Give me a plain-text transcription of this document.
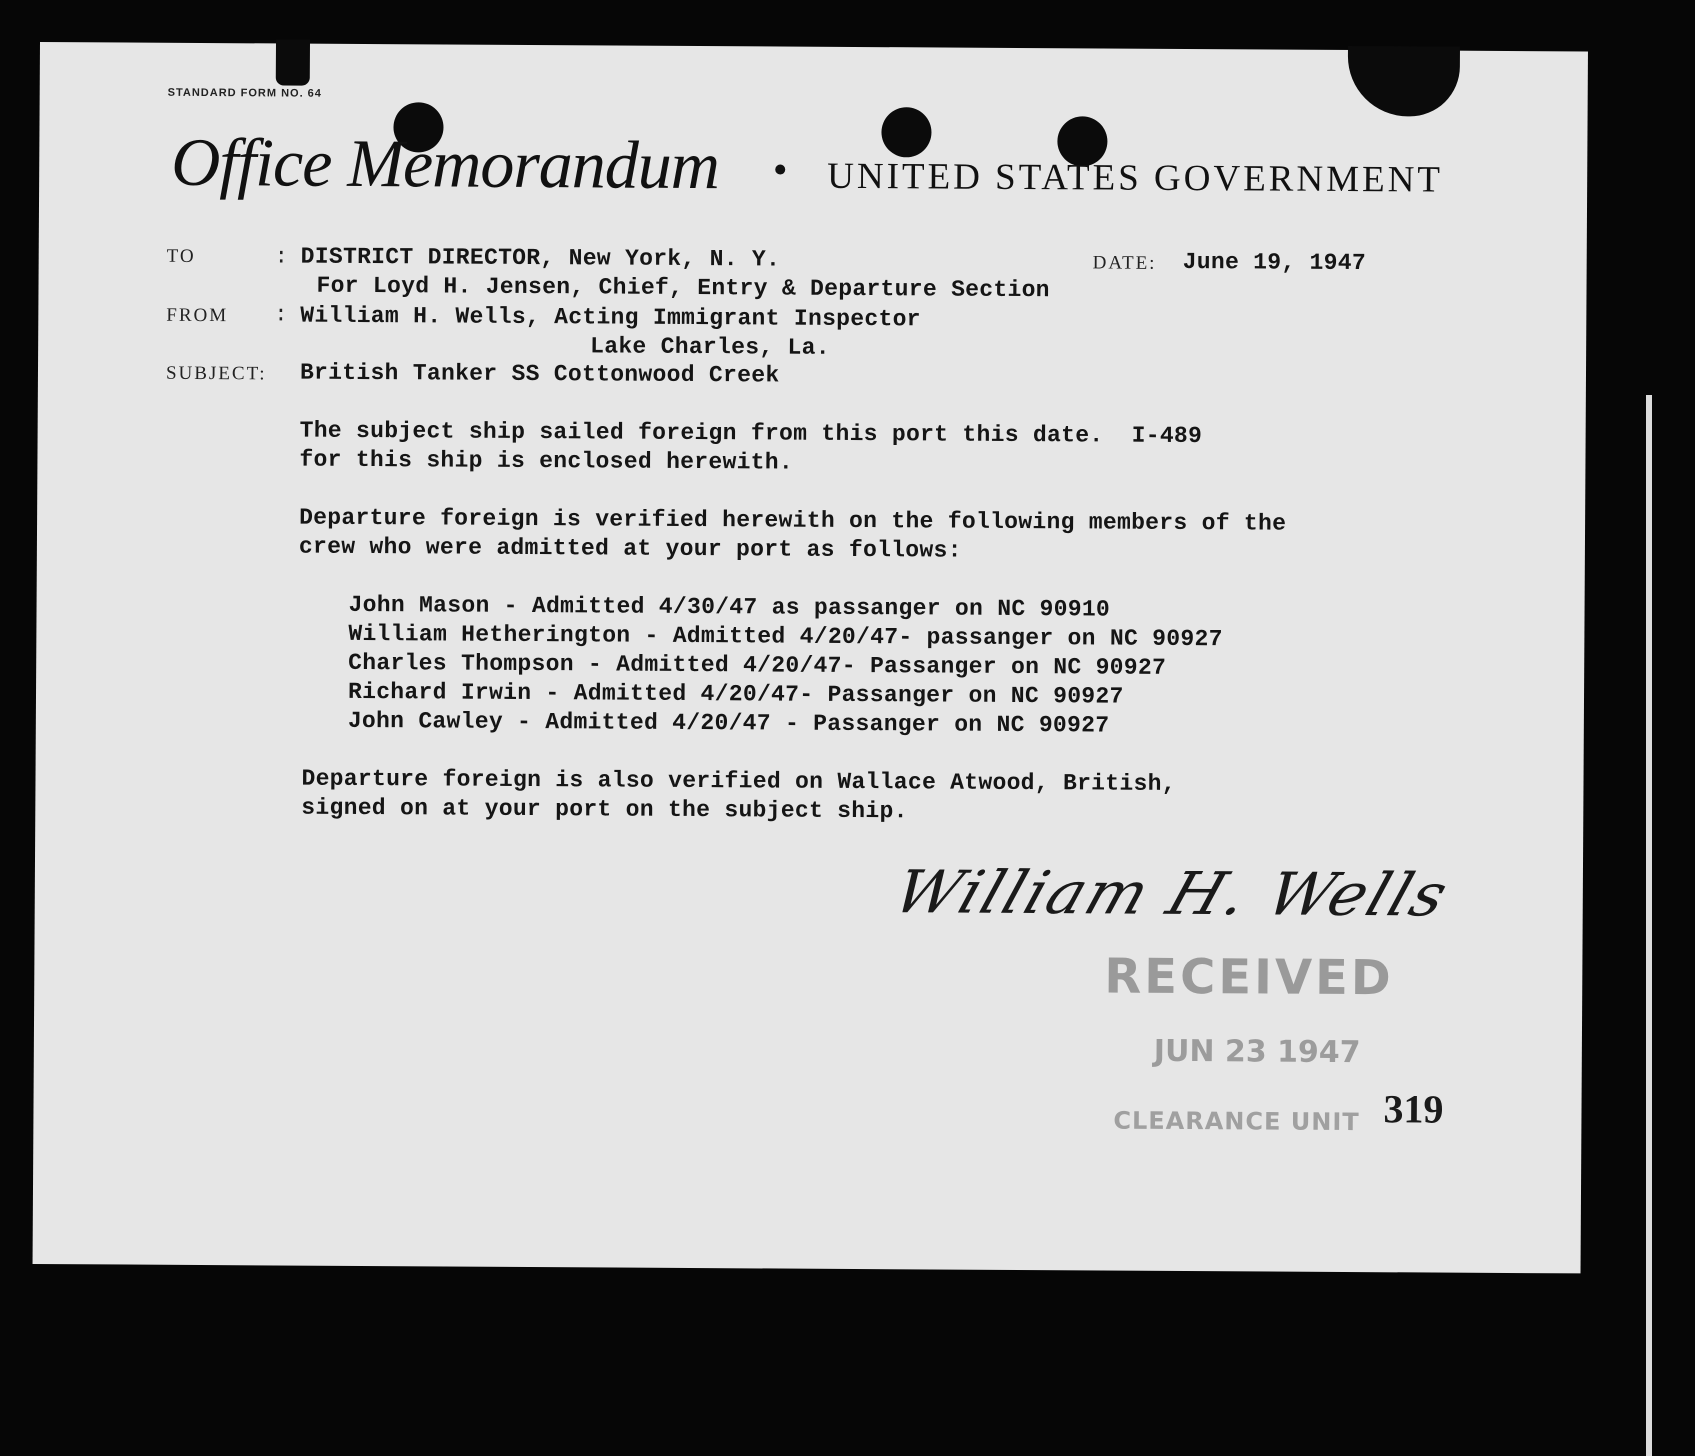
STANDARD FORM NO. 64
Office Memorandum	UNITED STATES GOVERNMENT
TO	: DISTRICT DIRECTOR, New York, N. Y.	DATE: June 19, 1947
For Loyd H. Jensen, Chief, Entry & Departure Section
FROM : William H. Wells, Acting Immigrant Inspector
Lake Charles, La.
SUBJECT: British Tanker SS Cottonwood Creek
The subject ship sailed foreign from this port this date.  I-489
for this ship is enclosed herewith.
Departure foreign is verified herewith on the following members of the
crew who were admitted at your port as follows:
John Mason - Admitted 4/30/47 as passanger on NC 90910
William Hetherington - Admitted 4/20/47- passanger on NC 90927
Charles Thompson - Admitted 4/20/47- Passanger on NC 90927
Richard Irwin - Admitted 4/20/47- Passanger on NC 90927
John Cawley - Admitted 4/20/47 - Passanger on NC 90927
Departure foreign is also verified on Wallace Atwood, British,
signed on at your port on the subject ship.
William H. Wells
RECEIVED
JUN 23 1947
CLEARANCE UNIT 319
